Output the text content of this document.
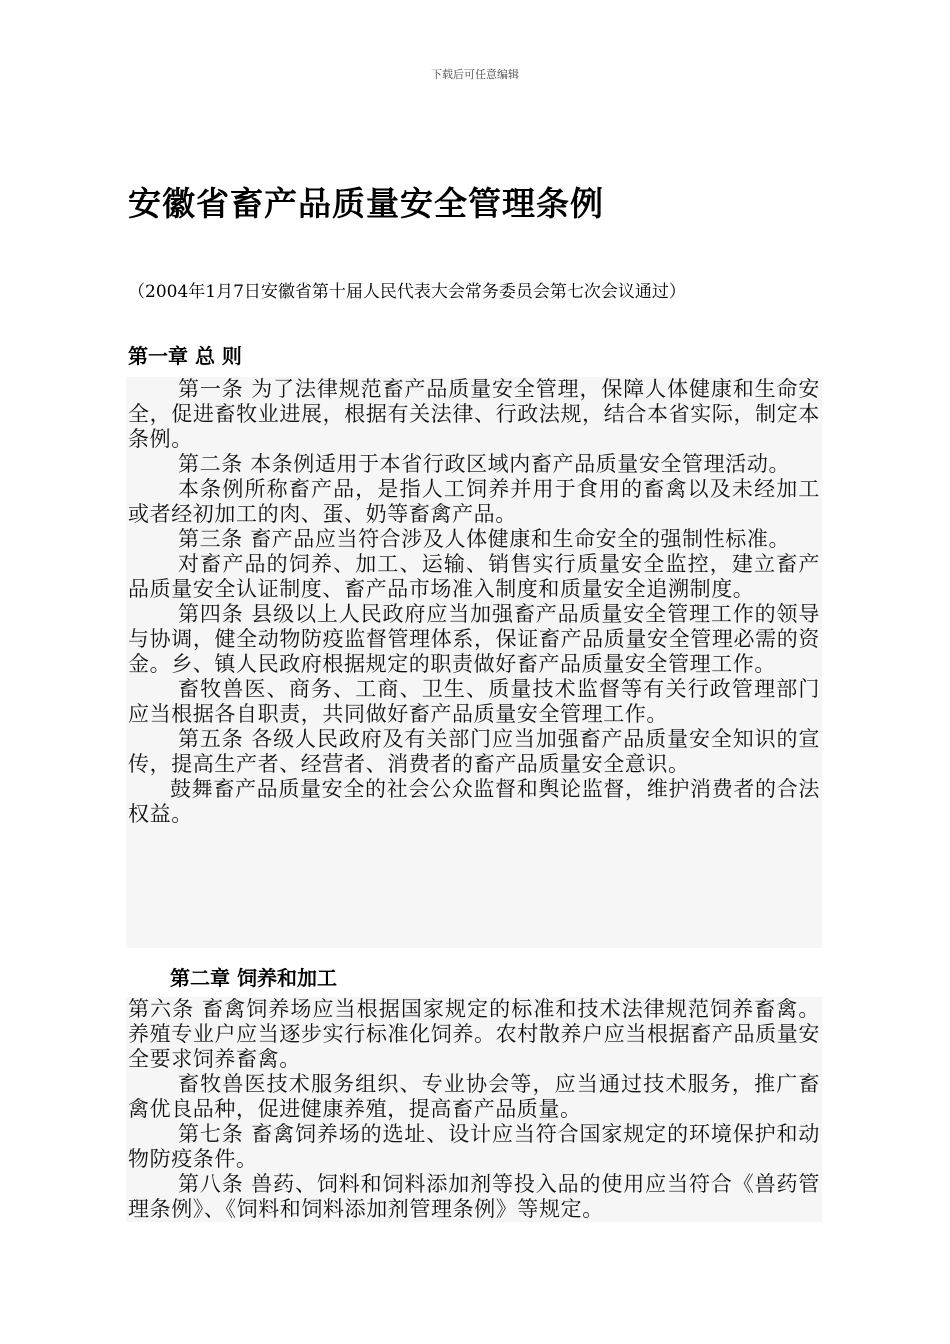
下载后可任意编辑
安徽省畜产品质量安全管理条例
（2004年1月7日安徽省第十届人民代表大会常务委员会第七次会议通过）
第一章 总 则

第一条 为了法律规范畜产品质量安全管理，保障人体健康和生命安全，促进畜牧业进展，根据有关法律、行政法规，结合本省实际，制定本条例。

第二条 本条例适用于本省行政区域内畜产品质量安全管理活动。

本条例所称畜产品，是指人工饲养并用于食用的畜禽以及未经加工或者经初加工的肉、蛋、奶等畜禽产品。

第三条 畜产品应当符合涉及人体健康和生命安全的强制性标准。

对畜产品的饲养、加工、运输、销售实行质量安全监控，建立畜产品质量安全认证制度、畜产品市场准入制度和质量安全追溯制度。

第四条 县级以上人民政府应当加强畜产品质量安全管理工作的领导与协调，健全动物防疫监督管理体系，保证畜产品质量安全管理必需的资金。乡、镇人民政府根据规定的职责做好畜产品质量安全管理工作。

畜牧兽医、商务、工商、卫生、质量技术监督等有关行政管理部门应当根据各自职责，共同做好畜产品质量安全管理工作。

第五条 各级人民政府及有关部门应当加强畜产品质量安全知识的宣传，提高生产者、经营者、消费者的畜产品质量安全意识。

鼓舞畜产品质量安全的社会公众监督和舆论监督，维护消费者的合法权益。

第二章 饲养和加工

第六条 畜禽饲养场应当根据国家规定的标准和技术法律规范饲养畜禽。养殖专业户应当逐步实行标准化饲养。农村散养户应当根据畜产品质量安全要求饲养畜禽。

畜牧兽医技术服务组织、专业协会等，应当通过技术服务，推广畜禽优良品种，促进健康养殖，提高畜产品质量。

第七条 畜禽饲养场的选址、设计应当符合国家规定的环境保护和动物防疫条件。

第八条 兽药、饲料和饲料添加剂等投入品的使用应当符合《兽药管理条例》、《饲料和饲料添加剂管理条例》等规定。
